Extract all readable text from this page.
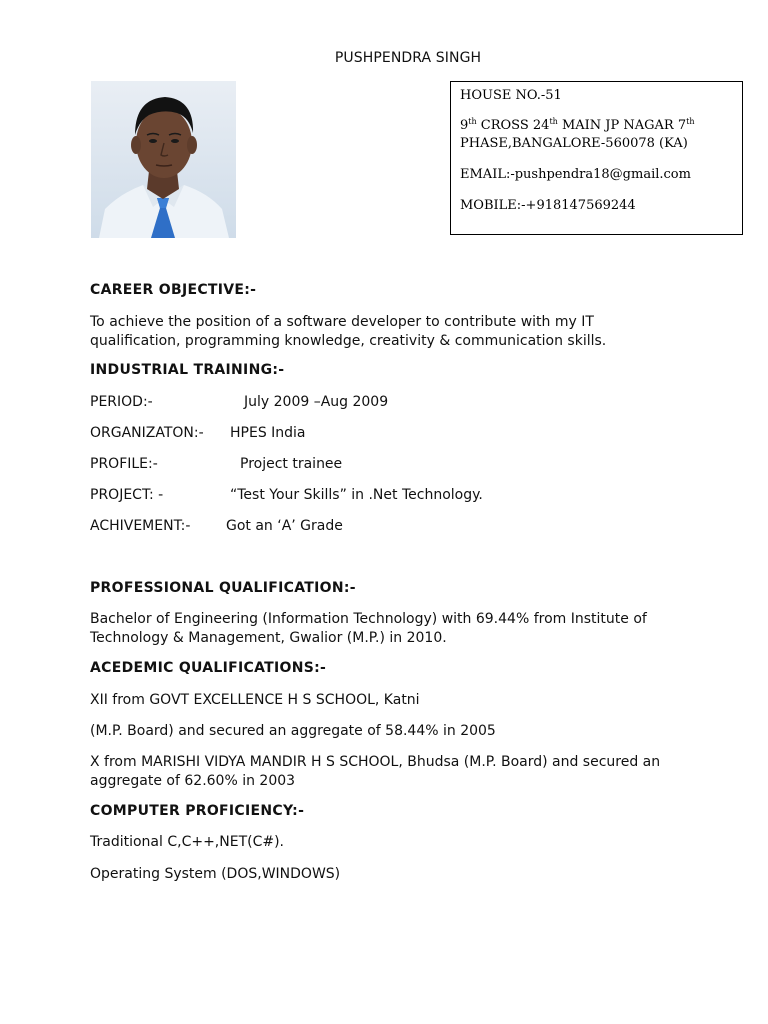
PUSHPENDRA SINGH
HOUSE NO.-51
9th CROSS 24th MAIN JP NAGAR 7th
PHASE,BANGALORE-560078 (KA)
EMAIL:-pushpendra18@gmail.com
MOBILE:-+918147569244
CAREER OBJECTIVE:-
To achieve the position of a software developer to contribute with my IT
qualification, programming knowledge, creativity & communication skills.
INDUSTRIAL TRAINING:-
PERIOD:-	July 2009 –Aug 2009
ORGANIZATON:- HPES India
PROFILE:-	Project trainee
PROJECT: -	“Test Your Skills” in .Net Technology.
ACHIVEMENT:-	Got an ‘A’ Grade
PROFESSIONAL QUALIFICATION:-
Bachelor of Engineering (Information Technology) with 69.44% from Institute of
Technology & Management, Gwalior (M.P.) in 2010.
ACEDEMIC QUALIFICATIONS:-
XII from GOVT EXCELLENCE H S SCHOOL, Katni
(M.P. Board) and secured an aggregate of 58.44% in 2005
X from MARISHI VIDYA MANDIR H S SCHOOL, Bhudsa (M.P. Board) and secured an
aggregate of 62.60% in 2003
COMPUTER PROFICIENCY:-
Traditional C,C++,NET(C#).
Operating System (DOS,WINDOWS)
